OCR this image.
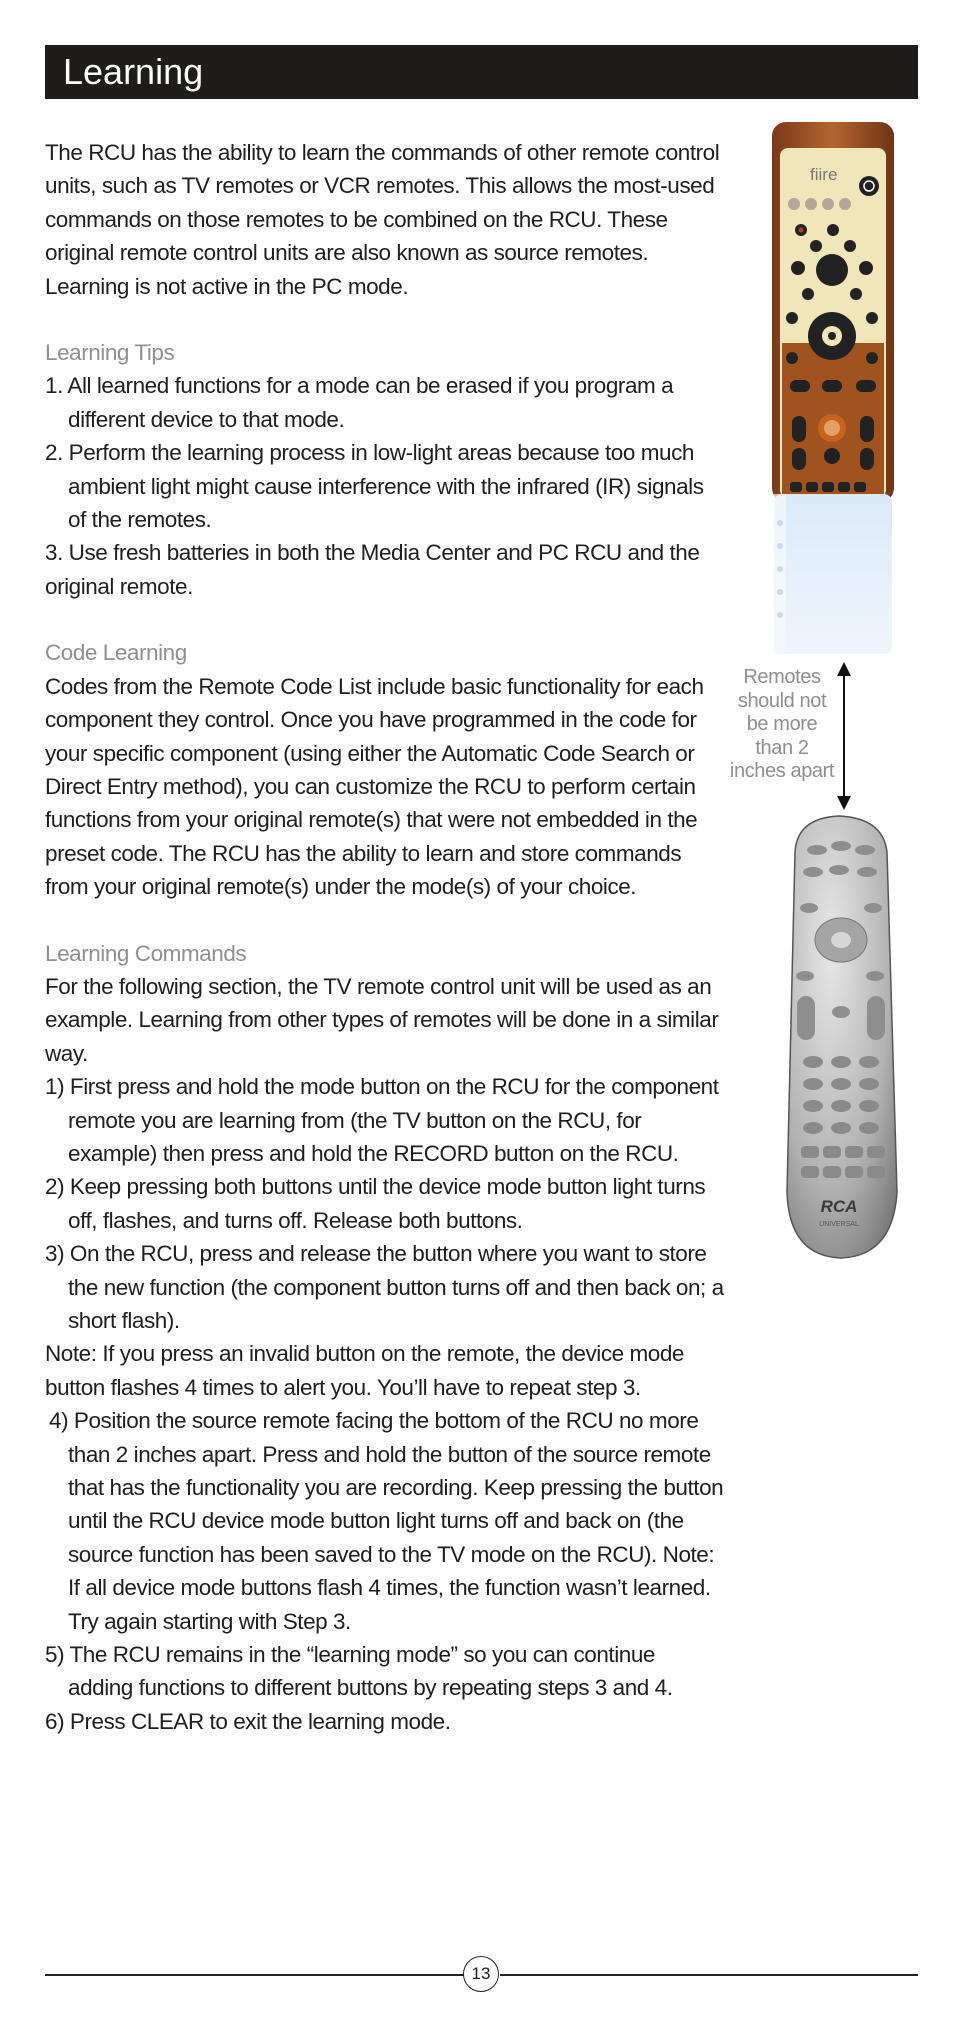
Learning

The RCU has the ability to learn the commands of other remote control units, such as TV remotes or VCR remotes. This allows the most-used commands on those remotes to be combined on the RCU. These original remote control units are also known as source remotes. Learning is not active in the PC mode.

Learning Tips

1. All learned functions for a mode can be erased if you program a different device to that mode.

2. Perform the learning process in low-light areas because too much ambient light might cause interference with the infrared (IR) signals of the remotes.

3. Use fresh batteries in both the Media Center and PC RCU and the original remote.

Code Learning

Codes from the Remote Code List include basic functionality for each component they control. Once you have programmed in the code for your specific component (using either the Automatic Code Search or Direct Entry method), you can customize the RCU to perform certain functions from your original remote(s) that were not embedded in the preset code. The RCU has the ability to learn and store commands from your original remote(s) under the mode(s) of your choice.

Learning Commands

For the following section, the TV remote control unit will be used as an example. Learning from other types of remotes will be done in a similar way.

1) First press and hold the mode button on the RCU for the component remote you are learning from (the TV button on the RCU, for example) then press and hold the RECORD button on the RCU.

2) Keep pressing both buttons until the device mode button light turns off, flashes, and turns off. Release both buttons.

3) On the RCU, press and release the button where you want to store the new function (the component button turns off and then back on; a short flash).

Note: If you press an invalid button on the remote, the device mode button flashes 4 times to alert you. You’ll have to repeat step 3.

4) Position the source remote facing the bottom of the RCU no more than 2 inches apart. Press and hold the button of the source remote that has the functionality you are recording. Keep pressing the button until the RCU device mode button light turns off and back on (the source function has been saved to the TV mode on the RCU). Note: If all device mode buttons flash 4 times, the function wasn’t learned. Try again starting with Step 3.

5) The RCU remains in the “learning mode” so you can continue adding functions to different buttons by repeating steps 3 and 4.

6) Press CLEAR to exit the learning mode.

fiire
Remotes should not be more than 2 inches apart
RCA
UNIVERSAL
13
